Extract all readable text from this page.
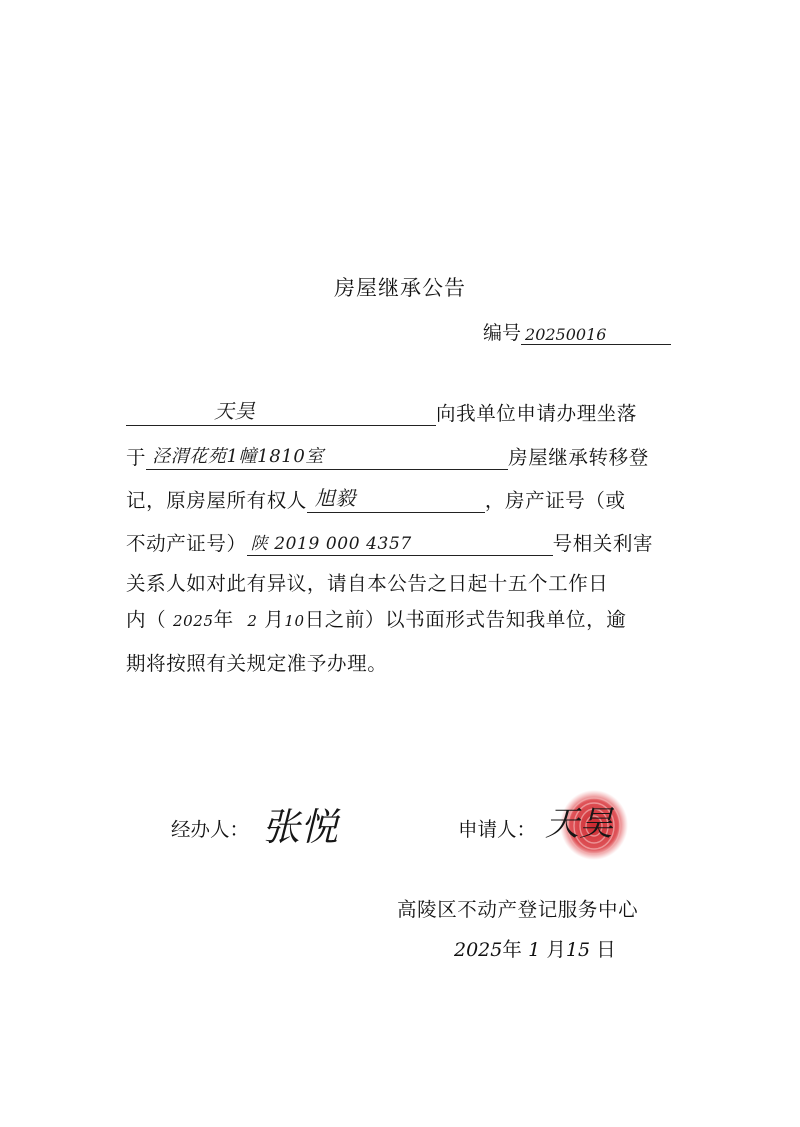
房屋继承公告
编号 20250016
天昊	向我单位申请办理坐落
于 泾渭花苑1幢1810室	房屋继承转移登
记，原房屋所有权人 旭毅	，房产证号（或
不动产证号） 陕 2019 000 4357	号相关利害
关系人如对此有异议，请自本公告之日起十五个工作日
内（ 2025年 2 月10日之前）以书面形式告知我单位，逾
期将按照有关规定准予办理。
经办人： 张悦	申请人： 天昊
高陵区不动产登记服务中心
2025年 1 月15 日
